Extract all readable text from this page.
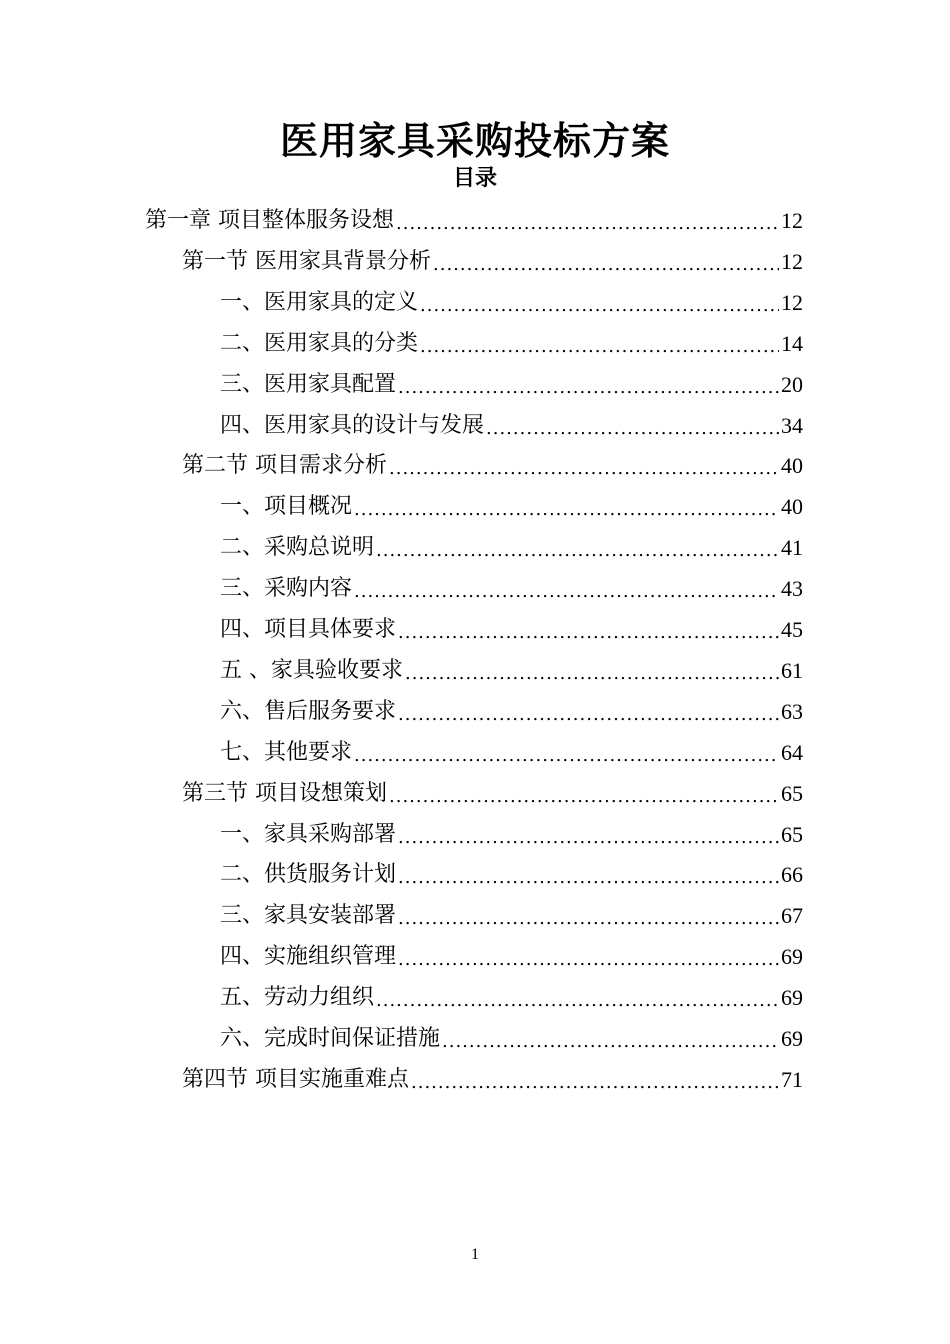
医用家具采购投标方案
目录
第一章 项目整体服务设想 .....	12
第一节 医用家具背景分析 .....	12
一、医用家具的定义 .....	12
二、医用家具的分类 .....	14
三、医用家具配置 .....	20
四、医用家具的设计与发展 .....	34
第二节 项目需求分析 .....	40
一、项目概况 .....	40
二、采购总说明 .....	41
三、采购内容 .....	43
四、项目具体要求 .....	45
五 、家具验收要求 .....	61
六、售后服务要求 .....	63
七、其他要求 .....	64
第三节 项目设想策划 .....	65
一、家具采购部署 .....	65
二、供货服务计划 .....	66
三、家具安装部署 .....	67
四、实施组织管理 .....	69
五、劳动力组织 .....	69
六、完成时间保证措施 .....	69
第四节 项目实施重难点 .....	71
1
